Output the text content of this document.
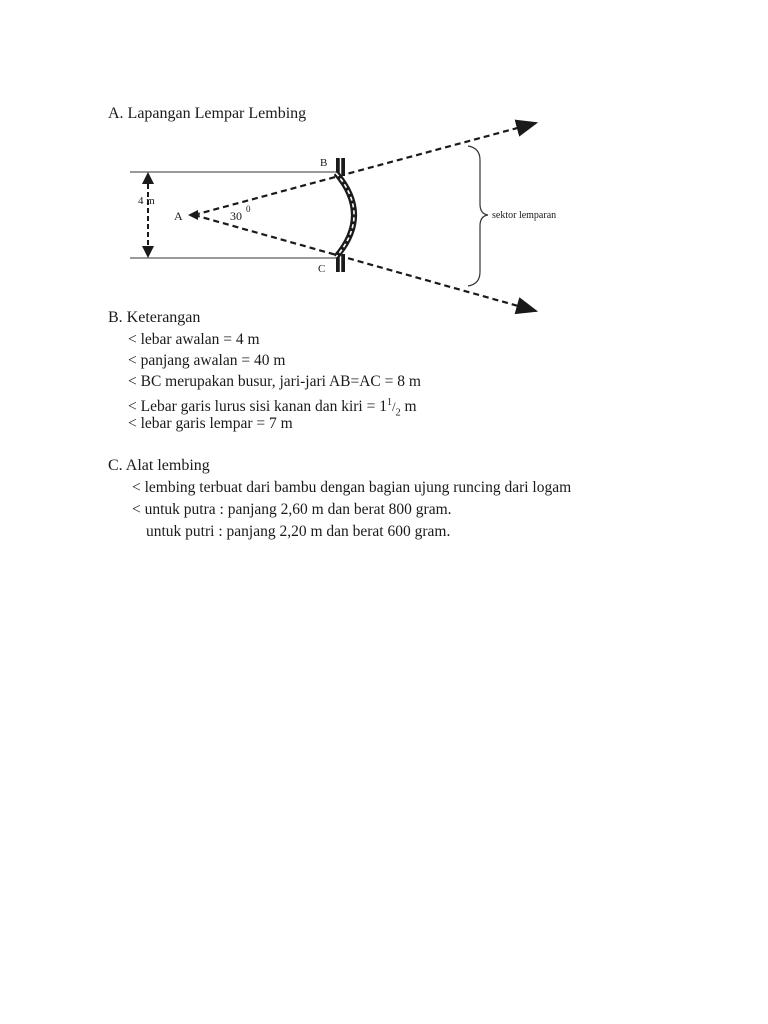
A. Lapangan Lempar Lembing
4 m
A	30 0
B
C
sektor lemparan
B. Keterangan
< lebar awalan = 4 m
< panjang awalan = 40 m
< BC merupakan busur, jari-jari AB=AC = 8 m
< Lebar garis lurus sisi kanan dan kiri = $1^1/_2$ m
< lebar garis lempar = 7 m
C. Alat lembing
< lembing terbuat dari bambu dengan bagian ujung runcing dari logam
< untuk putra : panjang 2,60 m dan berat 800 gram.
untuk putri : panjang 2,20 m dan berat 600 gram.
